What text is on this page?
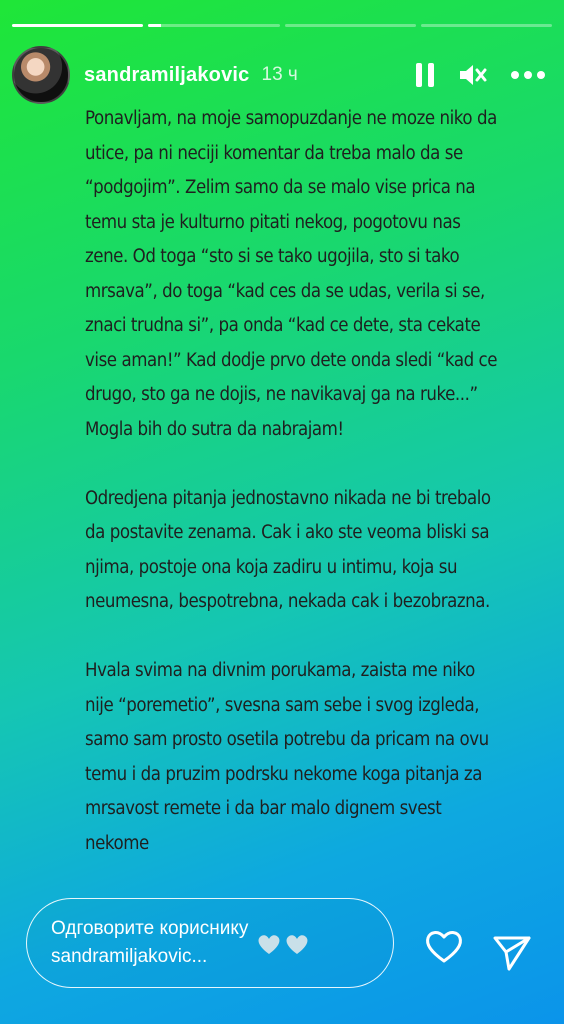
sandramiljakovic 13 ч

Ponavljam, na moje samopuzdanje ne moze niko da utice, pa ni neciji komentar da treba malo da se “podgojim”. Zelim samo da se malo vise prica na temu sta je kulturno pitati nekog, pogotovu nas zene. Od toga “sto si se tako ugojila, sto si tako mrsava”, do toga “kad ces da se udas, verila si se, znaci trudna si”, pa onda “kad ce dete, sta cekate vise aman!” Kad dodje prvo dete onda sledi “kad ce drugo, sto ga ne dojis, ne navikavaj ga na ruke...” Mogla bih do sutra da nabrajam!

Odredjena pitanja jednostavno nikada ne bi trebalo da postavite zenama. Cak i ako ste veoma bliski sa njima, postoje ona koja zadiru u intimu, koja su neumesna, bespotrebna, nekada cak i bezobrazna.

Hvala svima na divnim porukama, zaista me niko nije “poremetio”, svesna sam sebe i svog izgleda, samo sam prosto osetila potrebu da pricam na ovu temu i da pruzim podrsku nekome koga pitanja za mrsavost remete i da bar malo dignem svest nekome

Одговорите кориснику
sandramiljakovic...
